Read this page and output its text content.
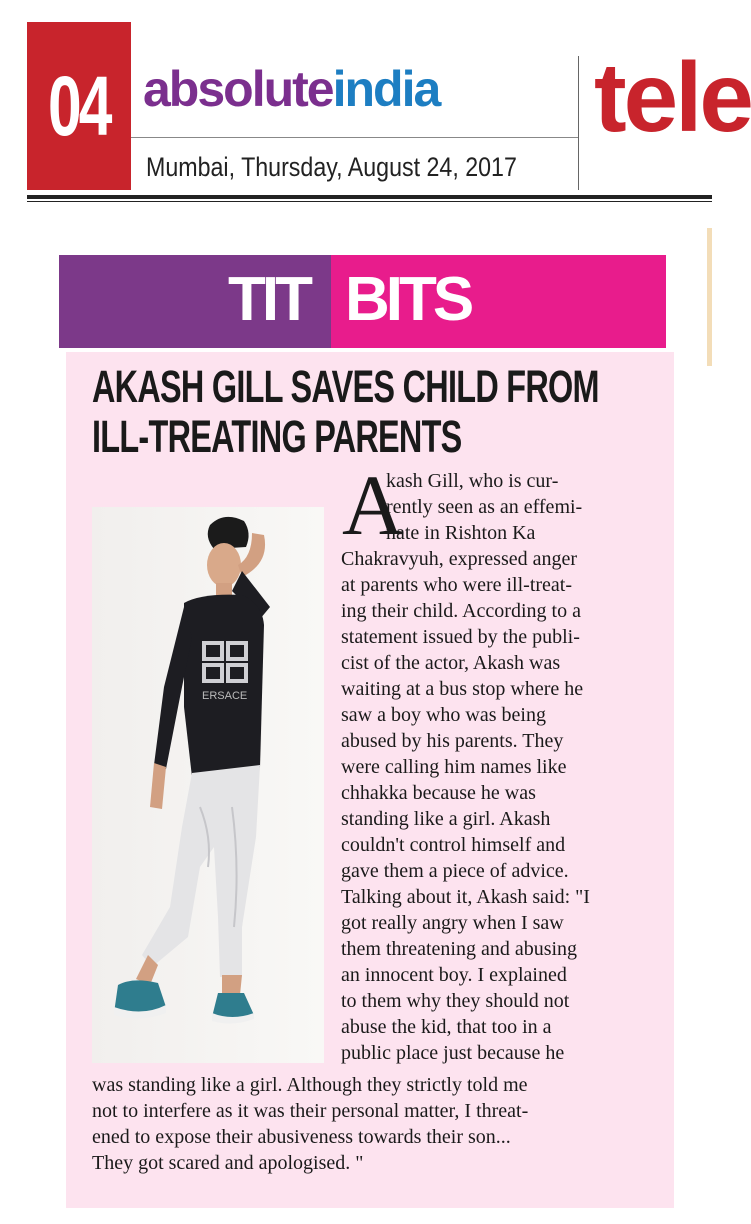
04 absoluteindia
Mumbai, Thursday, August 24, 2017
tele
TIT BITS
AKASH GILL SAVES CHILD FROM
ILL-TREATING PARENTS
ERSACE
A
kash Gill, who is cur-
rently seen as an effemi-
nate in Rishton Ka
Chakravyuh, expressed anger
at parents who were ill-treat-
ing their child. According to a
statement issued by the publi-
cist of the actor, Akash was
waiting at a bus stop where he
saw a boy who was being
abused by his parents. They
were calling him names like
chhakka because he was
standing like a girl. Akash
couldn't control himself and
gave them a piece of advice.
Talking about it, Akash said: "I
got really angry when I saw
them threatening and abusing
an innocent boy. I explained
to them why they should not
abuse the kid, that too in a
public place just because he
was standing like a girl. Although they strictly told me
not to interfere as it was their personal matter, I threat-
ened to expose their abusiveness towards their son...
They got scared and apologised. "
